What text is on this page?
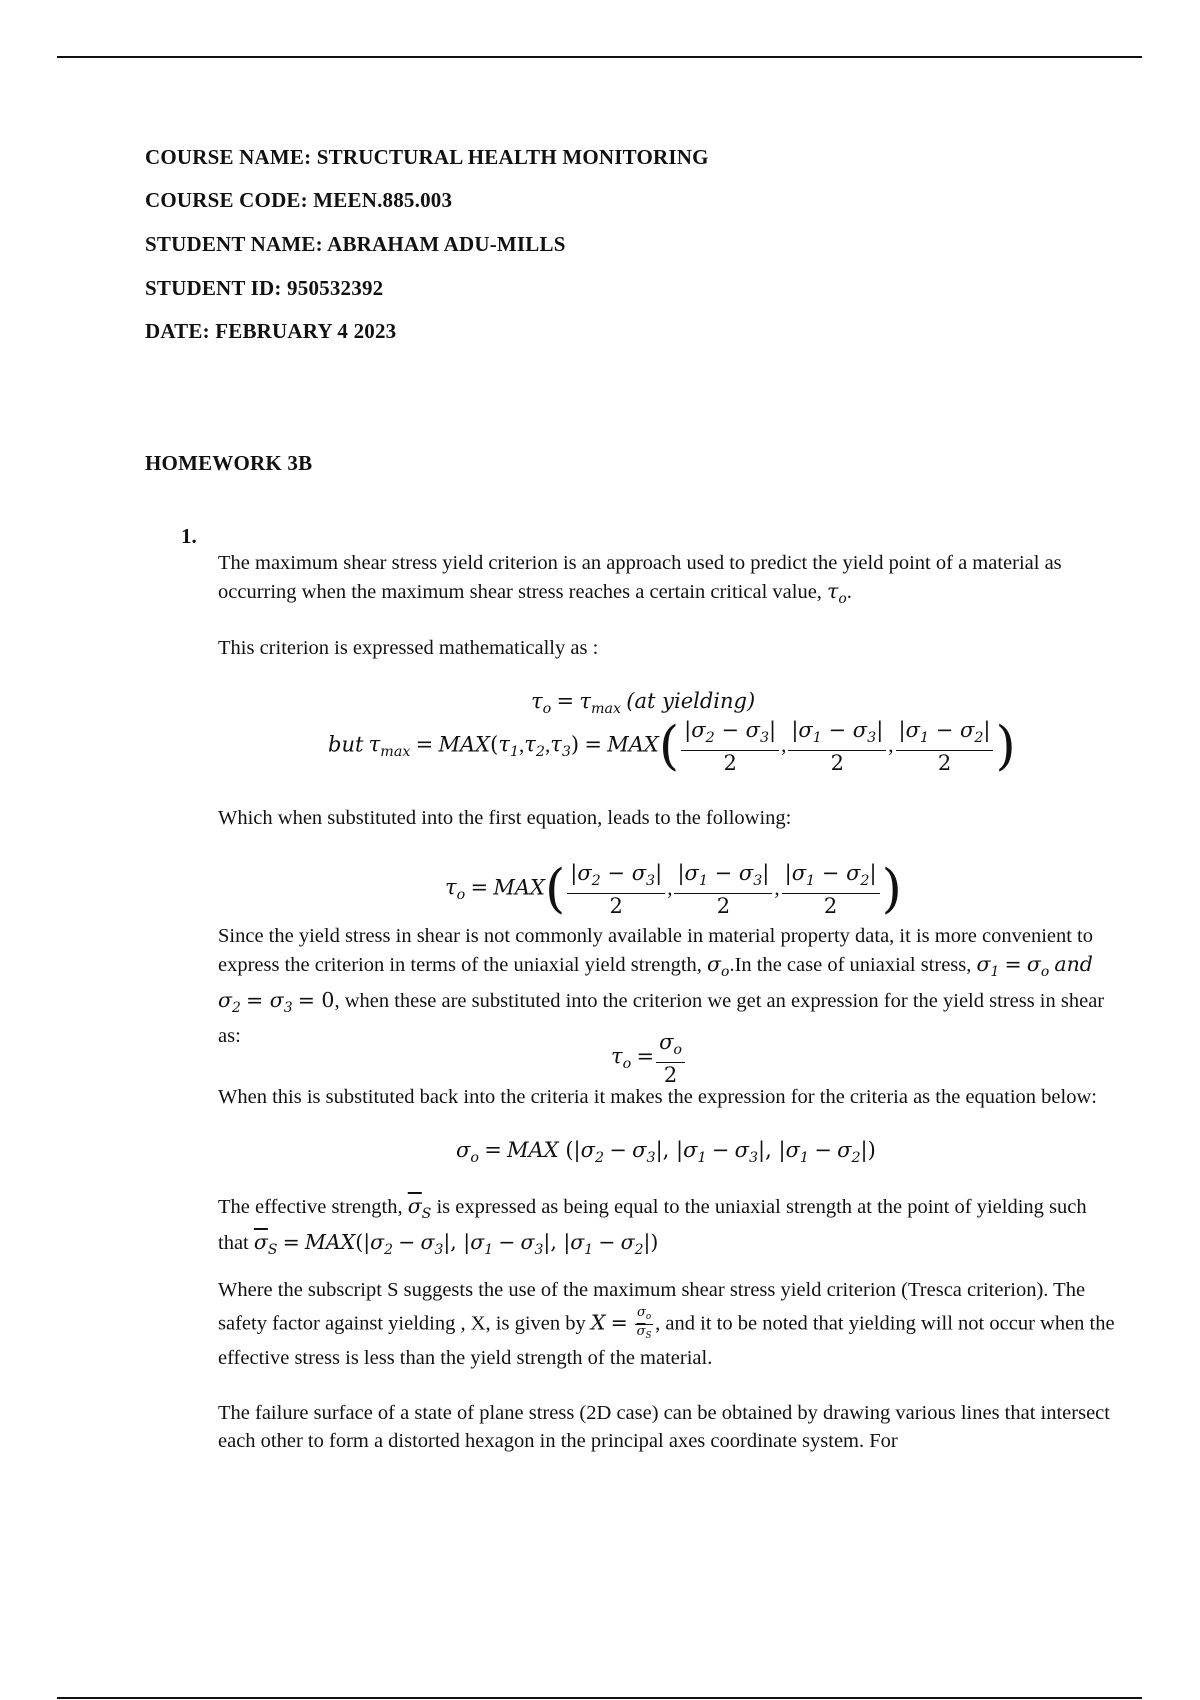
COURSE NAME: STRUCTURAL HEALTH MONITORING
COURSE CODE: MEEN.885.003
STUDENT NAME: ABRAHAM ADU-MILLS
STUDENT ID: 950532392
DATE: FEBRUARY 4 2023
HOMEWORK 3B
1.
The maximum shear stress yield criterion is an approach used to predict the yield point of a material as occurring when the maximum shear stress reaches a certain critical value, $\tau_o$.
This criterion is expressed mathematically as :
$\tau_o = \tau_{max}$ (at yielding)
but $\tau_{max} = MAX(\tau_1,\tau_2,\tau_3) = MAX( \frac{|\sigma_2 - \sigma_3|}{2}$ , $\frac{|\sigma_1 - \sigma_3|}{2}$ , $\frac{|\sigma_1 - \sigma_2|}{2}$ )
Which when substituted into the first equation, leads to the following:
$\tau_o = MAX( \frac{|\sigma_2 - \sigma_3|}{2}$ , $\frac{|\sigma_1 - \sigma_3|}{2}$ , $\frac{|\sigma_1 - \sigma_2|}{2}$ )
Since the yield stress in shear is not commonly available in material property data, it is more convenient to express the criterion in terms of the uniaxial yield strength, $\sigma_o.In$ the case of uniaxial stress, $\sigma_1 = \sigma_o$ and $\sigma_2 = \sigma_3 = 0$, when these are substituted into the criterion we get an expression for the yield stress in shear as:
$\tau_o = \frac{\sigma_o}{2}$
When this is substituted back into the criteria it makes the expression for the criteria as the equation below:
$\sigma_o$ = MAX ($|\sigma_2 - \sigma_3|$, $|\sigma_1 - \sigma_3|$, $|\sigma_1 - \sigma_2|$)
The effective strength, $\overline{\sigma}_S$ is expressed as being equal to the uniaxial strength at the point of yielding such that $\overline{\sigma}_S = MAX(|\sigma_2 - \sigma_3|$, $|\sigma_1 - \sigma_3|$, $|\sigma_1 - \sigma_2|$)
Where the subscript S suggests the use of the maximum shear stress yield criterion (Tresca criterion). The safety factor against yielding , X, is given by $X = \frac{\sigma_o}{\overline{\sigma}_S}$ , and it to be noted that yielding will not occur when the effective stress is less than the yield strength of the material.
The failure surface of a state of plane stress (2D case) can be obtained by drawing various lines that intersect each other to form a distorted hexagon in the principal axes coordinate system. For
